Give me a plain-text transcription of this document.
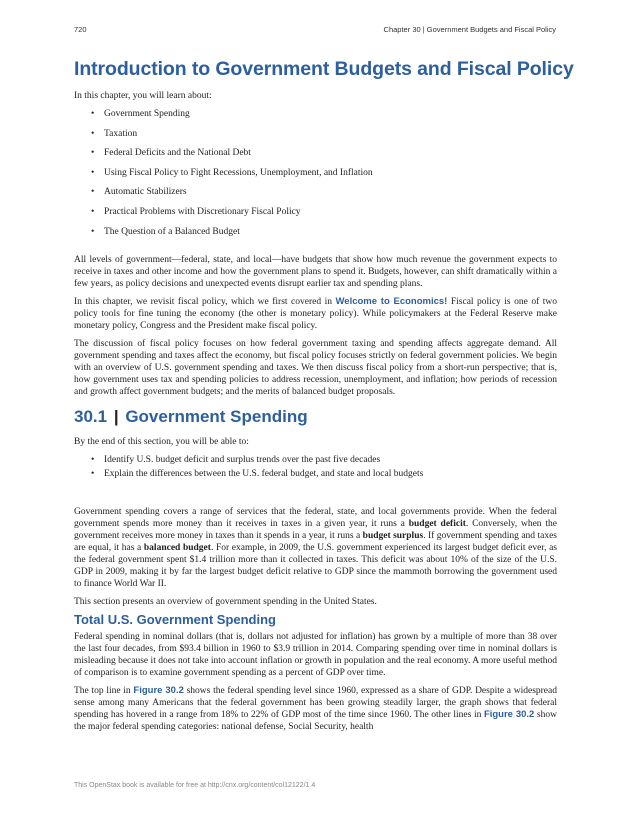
720	Chapter 30 | Government Budgets and Fiscal Policy
Introduction to Government Budgets and Fiscal Policy

In this chapter, you will learn about:

• Government Spending
• Taxation
• Federal Deficits and the National Debt
• Using Fiscal Policy to Fight Recessions, Unemployment, and Inflation
• Automatic Stabilizers
• Practical Problems with Discretionary Fiscal Policy
• The Question of a Balanced Budget

All levels of government—federal, state, and local—have budgets that show how much revenue the government expects to receive in taxes and other income and how the government plans to spend it. Budgets, however, can shift dramatically within a few years, as policy decisions and unexpected events disrupt earlier tax and spending plans.

In this chapter, we revisit fiscal policy, which we first covered in Welcome to Economics! Fiscal policy is one of two policy tools for fine tuning the economy (the other is monetary policy). While policymakers at the Federal Reserve make monetary policy, Congress and the President make fiscal policy.

The discussion of fiscal policy focuses on how federal government taxing and spending affects aggregate demand. All government spending and taxes affect the economy, but fiscal policy focuses strictly on federal government policies. We begin with an overview of U.S. government spending and taxes. We then discuss fiscal policy from a short-run perspective; that is, how government uses tax and spending policies to address recession, unemployment, and inflation; how periods of recession and growth affect government budgets; and the merits of balanced budget proposals.

30.1 | Government Spending

By the end of this section, you will be able to:

• Identify U.S. budget deficit and surplus trends over the past five decades
• Explain the differences between the U.S. federal budget, and state and local budgets

Government spending covers a range of services that the federal, state, and local governments provide. When the federal government spends more money than it receives in taxes in a given year, it runs a budget deficit. Conversely, when the government receives more money in taxes than it spends in a year, it runs a budget surplus. If government spending and taxes are equal, it has a balanced budget. For example, in 2009, the U.S. government experienced its largest budget deficit ever, as the federal government spent $1.4 trillion more than it collected in taxes. This deficit was about 10% of the size of the U.S. GDP in 2009, making it by far the largest budget deficit relative to GDP since the mammoth borrowing the government used to finance World War II.

This section presents an overview of government spending in the United States.

Total U.S. Government Spending

Federal spending in nominal dollars (that is, dollars not adjusted for inflation) has grown by a multiple of more than 38 over the last four decades, from $93.4 billion in 1960 to $3.9 trillion in 2014. Comparing spending over time in nominal dollars is misleading because it does not take into account inflation or growth in population and the real economy. A more useful method of comparison is to examine government spending as a percent of GDP over time.

The top line in Figure 30.2 shows the federal spending level since 1960, expressed as a share of GDP. Despite a widespread sense among many Americans that the federal government has been growing steadily larger, the graph shows that federal spending has hovered in a range from 18% to 22% of GDP most of the time since 1960. The other lines in Figure 30.2 show the major federal spending categories: national defense, Social Security, health

This OpenStax book is available for free at http://cnx.org/content/col12122/1.4
